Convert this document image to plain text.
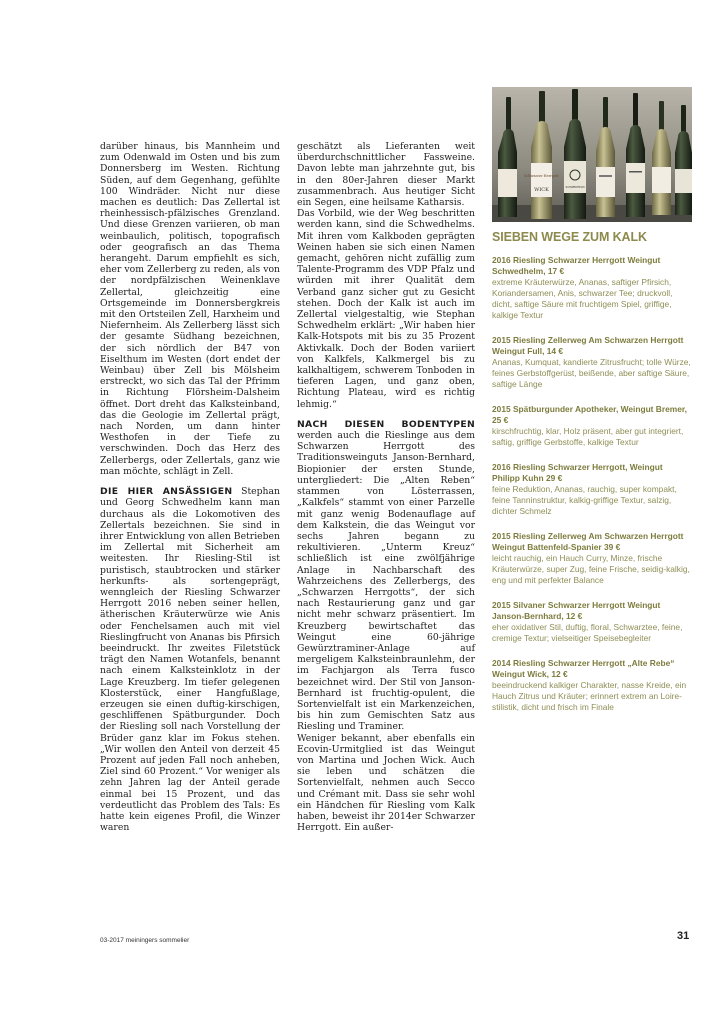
darüber hinaus, bis Mannheim und zum Odenwald im Osten und bis zum Donnersberg im Westen. Richtung Süden, auf dem Gegenhang, gefühlte 100 Windräder. Nicht nur diese machen es deutlich: Das Zellertal ist rheinhessisch-pfälzisches Grenzland. Und diese Grenzen variieren, ob man weinbaulich, politisch, topografisch oder geografisch an das Thema herangeht. Darum empfiehlt es sich, eher vom Zellerberg zu reden, als von der nordpfälzischen Weinenklave Zellertal, gleichzeitig eine Ortsgemeinde im Donnersbergkreis mit den Ortsteilen Zell, Harxheim und Niefernheim. Als Zellerberg lässt sich der gesamte Südhang bezeichnen, der sich nördlich der B47 von Eiselthum im Westen (dort endet der Weinbau) über Zell bis Mölsheim erstreckt, wo sich das Tal der Pfrimm in Richtung Flörsheim-Dalsheim öffnet. Dort dreht das Kalksteinband, das die Geologie im Zellertal prägt, nach Norden, um dann hinter Westhofen in der Tiefe zu verschwinden. Doch das Herz des Zellerbergs, oder Zellertals, ganz wie man möchte, schlägt in Zell.

DIE HIER ANSÄSSIGEN Stephan und Georg Schwedhelm kann man durchaus als die Lokomotiven des Zellertals bezeichnen. Sie sind in ihrer Entwicklung von allen Betrieben im Zellertal mit Sicherheit am weitesten. Ihr Riesling-Stil ist puristisch, staubtrocken und stärker herkunfts- als sortengeprägt, wenngleich der Riesling Schwarzer Herrgott 2016 neben seiner hellen, ätherischen Kräuterwürze wie Anis oder Fenchelsamen auch mit viel Rieslingfrucht von Ananas bis Pfirsich beeindruckt. Ihr zweites Filetstück trägt den Namen Wotanfels, benannt nach einem Kalksteinklotz in der Lage Kreuzberg. Im tiefer gelegenen Klosterstück, einer Hangfußlage, erzeugen sie einen duftig-kirschigen, geschliffenen Spätburgunder. Doch der Riesling soll nach Vorstellung der Brüder ganz klar im Fokus stehen. „Wir wollen den Anteil von derzeit 45 Prozent auf jeden Fall noch anheben, Ziel sind 60 Prozent.“ Vor weniger als zehn Jahren lag der Anteil gerade einmal bei 15 Prozent, und das verdeutlicht das Problem des Tals: Es hatte kein eigenes Profil, die Winzer waren

geschätzt als Lieferanten weit überdurchschnittlicher Fassweine. Davon lebte man jahrzehnte gut, bis in den 80er-Jahren dieser Markt zusammenbrach. Aus heutiger Sicht ein Segen, eine heilsame Katharsis.

Das Vorbild, wie der Weg beschritten werden kann, sind die Schwedhelms. Mit ihren vom Kalkboden geprägten Weinen haben sie sich einen Namen gemacht, gehören nicht zufällig zum Talente-Programm des VDP Pfalz und würden mit ihrer Qualität dem Verband ganz sicher gut zu Gesicht stehen. Doch der Kalk ist auch im Zellertal vielgestaltig, wie Stephan Schwedhelm erklärt: „Wir haben hier Kalk-Hotspots mit bis zu 35 Prozent Aktivkalk. Doch der Boden variiert von Kalkfels, Kalkmergel bis zu kalkhaltigem, schwerem Tonboden in tieferen Lagen, und ganz oben, Richtung Plateau, wird es richtig lehmig.“

NACH DIESEN BODENTYPEN werden auch die Rieslinge aus dem Schwarzen Herrgott des Traditionsweinguts Janson-Bernhard, Biopionier der ersten Stunde, untergliedert: Die „Alten Reben“ stammen von Lösterrassen, „Kalkfels“ stammt von einer Parzelle mit ganz wenig Bodenauflage auf dem Kalkstein, die das Weingut vor sechs Jahren begann zu rekultivieren. „Unterm Kreuz“ schließlich ist eine zwölfjährige Anlage in Nachbarschaft des Wahrzeichens des Zellerbergs, des „Schwarzen Herrgotts“, der sich nach Restaurierung ganz und gar nicht mehr schwarz präsentiert. Im Kreuzberg bewirtschaftet das Weingut eine 60-jährige Gewürztraminer-Anlage auf mergeligem Kalksteinbraunlehm, der im Fachjargon als Terra fusco bezeichnet wird. Der Stil von Janson-Bernhard ist fruchtig-opulent, die Sortenvielfalt ist ein Markenzeichen, bis hin zum Gemischten Satz aus Riesling und Traminer.

Weniger bekannt, aber ebenfalls ein Ecovin-Urmitglied ist das Weingut von Martina und Jochen Wick. Auch sie leben und schätzen die Sortenvielfalt, nehmen auch Secco und Crémant mit. Dass sie sehr wohl ein Händchen für Riesling vom Kalk haben, beweist ihr 2014er Schwarzer Herrgott. Ein außer-

Schwarzer Herrgott
WICK	SCHWEDHELM
SIEBEN WEGE ZUM KALK
2016 Riesling Schwarzer Herrgott Weingut Schwedhelm, 17 €
extreme Kräuterwürze, Ananas, saftiger Pfirsich, Koriandersamen, Anis, schwarzer Tee; druckvoll, dicht, saftige Säure mit fruchtigem Spiel, griffige, kalkige Textur
2015 Riesling Zellerweg Am Schwarzen Herrgott Weingut Full, 14 €
Ananas, Kumquat, kandierte Zitrusfrucht; tolle Würze, feines Gerbstoffgerüst, beißende, aber saftige Säure, saftige Länge
2015 Spätburgunder Apotheker, Weingut Bremer, 25 €
kirschfruchtig, klar, Holz präsent, aber gut integriert, saftig, griffige Gerbstoffe, kalkige Textur
2016 Riesling Schwarzer Herrgott, Weingut Philipp Kuhn 29 €
feine Reduktion, Ananas, rauchig, super kompakt, feine Tanninstruktur, kalkig-griffige Textur, salzig, dichter Schmelz
2015 Riesling Zellerweg Am Schwarzen Herrgott Weingut Battenfeld-Spanier 39 €
leicht rauchig, ein Hauch Curry, Minze, frische Kräuterwürze, super Zug, feine Frische, seidig-kalkig, eng und mit perfekter Balance
2015 Silvaner Schwarzer Herrgott Weingut Janson-Bernhard, 12 €
eher oxidativer Stil, duftig, floral, Schwarztee, feine, cremige Textur; vielseitiger Speisebegleiter
2014 Riesling Schwarzer Herrgott „Alte Rebe“ Weingut Wick, 12 €
beeindruckend kalkiger Charakter, nasse Kreide, ein Hauch Zitrus und Kräuter; erinnert extrem an Loire-stilistik, dicht und frisch im Finale
03-2017 meiningers sommelier	31
